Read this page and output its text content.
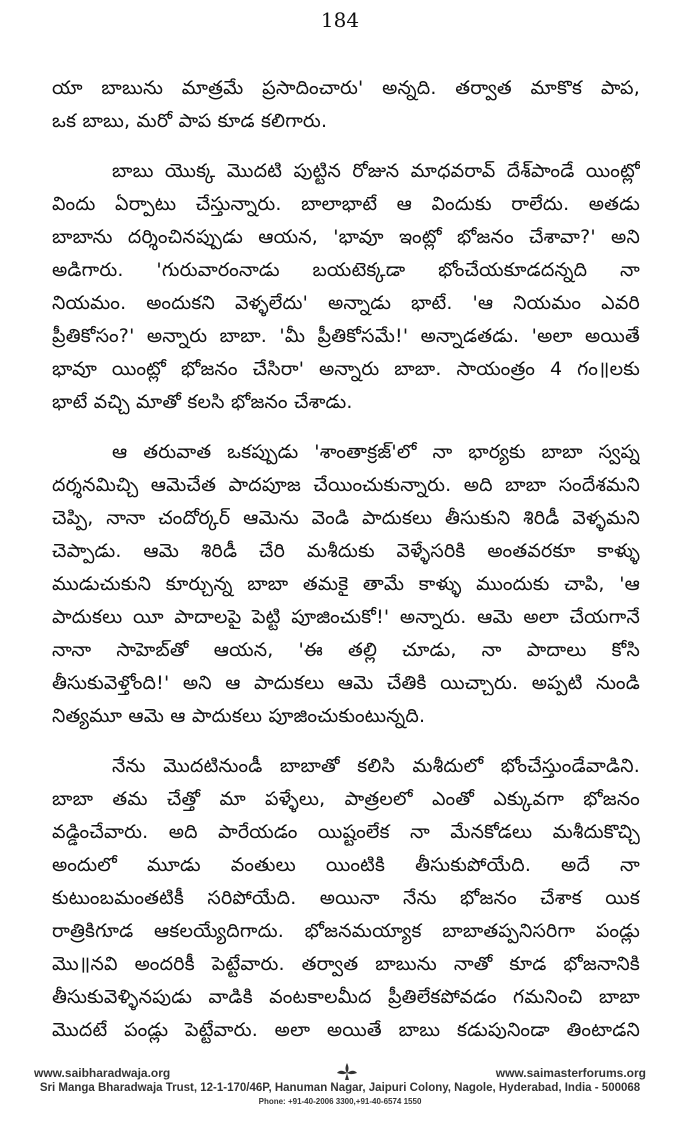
184
యా బాబును మాత్రమే ప్రసాదించారు' అన్నది. తర్వాత మాకొక పాప,
ఒక బాబు, మరో పాప కూడ కలిగారు.
బాబు యొక్క మొదటి పుట్టిన రోజున మాధవరావ్ దేశ్‌పాండే యింట్లో
విందు ఏర్పాటు చేస్తున్నారు. బాలాభాటే ఆ విందుకు రాలేదు. అతడు
బాబాను దర్శించినప్పుడు ఆయన, 'భావూ ఇంట్లో భోజనం చేశావా?' అని
అడిగారు. 'గురువారంనాడు బయటెక్కడా భోంచేయకూడదన్నది నా
నియమం. అందుకని వెళ్ళలేదు' అన్నాడు భాటే. 'ఆ నియమం ఎవరి
ప్రీతికోసం?' అన్నారు బాబా. 'మీ ప్రీతికోసమే!' అన్నాడతడు. 'అలా అయితే
భావూ యింట్లో భోజనం చేసిరా' అన్నారు బాబా. సాయంత్రం 4 గం॥లకు
భాటే వచ్చి మాతో కలసి భోజనం చేశాడు.
ఆ తరువాత ఒకప్పుడు 'శాంతాక్రజ్'లో నా భార్యకు బాబా స్వప్న
దర్శనమిచ్చి ఆమెచేత పాదపూజ చేయించుకున్నారు. అది బాబా సందేశమని
చెప్పి, నానా చందోర్కర్ ఆమెను వెండి పాదుకలు తీసుకుని శిరిడీ వెళ్ళమని
చెప్పాడు. ఆమె శిరిడీ చేరి మశీదుకు వెళ్ళేసరికి అంతవరకూ కాళ్ళు
ముడుచుకుని కూర్చున్న బాబా తమకై తామే కాళ్ళు ముందుకు చాపి, 'ఆ
పాదుకలు యీ పాదాలపై పెట్టి పూజించుకో!' అన్నారు. ఆమె అలా చేయగానే
నానా సాహెబ్‌తో ఆయన, 'ఈ తల్లి చూడు, నా పాదాలు కోసి
తీసుకువెళ్తోంది!' అని ఆ పాదుకలు ఆమె చేతికి యిచ్చారు. అప్పటి నుండి
నిత్యమూ ఆమె ఆ పాదుకలు పూజించుకుంటున్నది.
నేను మొదటినుండీ బాబాతో కలిసి మశీదులో భోంచేస్తుండేవాడిని.
బాబా తమ చేత్తో మా పళ్ళేలు, పాత్రలలో ఎంతో ఎక్కువగా భోజనం
వడ్డించేవారు. అది పారేయడం యిష్టంలేక నా మేనకోడలు మశీదుకొచ్చి
అందులో మూడు వంతులు యింటికి తీసుకుపోయేది. అదే నా
కుటుంబమంతటికీ సరిపోయేది. అయినా నేను భోజనం చేశాక యిక
రాత్రికిగూడ ఆకలయ్యేదిగాదు. భోజనమయ్యాక బాబాతప్పనిసరిగా పండ్లు
మొ॥నవి అందరికీ పెట్టేవారు. తర్వాత బాబును నాతో కూడ భోజనానికి
తీసుకువెళ్ళినపుడు వాడికి వంటకాలమీద ప్రీతిలేకపోవడం గమనించి బాబా
మొదటే పండ్లు పెట్టేవారు. అలా అయితే బాబు కడుపునిండా తింటాడని
www.saibharadwaja.org	www.saimasterforums.org
Sri Manga Bharadwaja Trust, 12-1-170/46P, Hanuman Nagar, Jaipuri Colony, Nagole, Hyderabad, India - 500068
Phone: +91-40-2006 3300,+91-40-6574 1550
